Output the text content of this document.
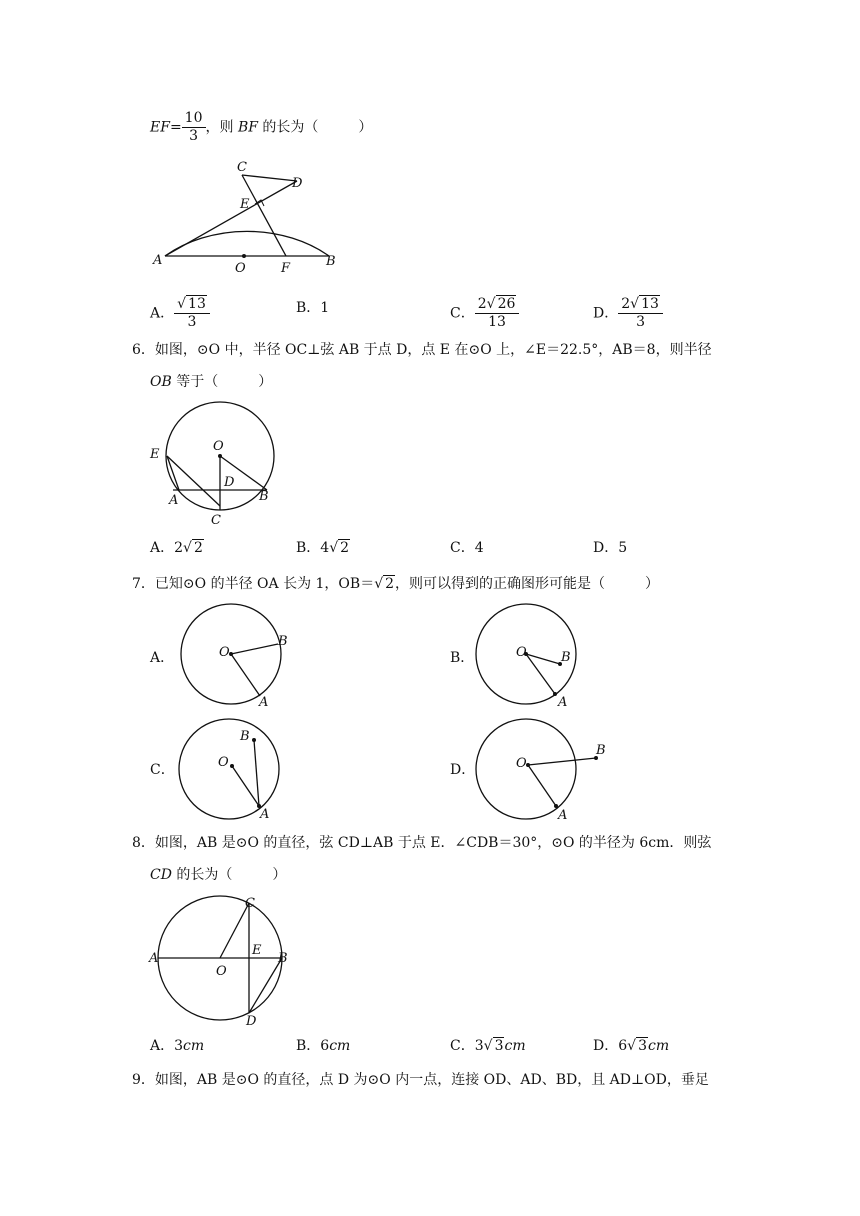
$EF= \frac{10}{3}$ ，则 BF 的长为（	）
A
C
D
E
O	F	B
A． $\frac{√ 13}{3}$	B．1	C． $\frac{2√ 26}{13}$	D． $\frac{2√ 13}{3}$
6．如图，⊙O 中，半径 OC⊥弦 AB 于点 D，点 E 在⊙O 上，∠E＝22.5°，AB＝8，则半径
OB 等于（	）
O
E
D
A	B
C
A．2√ 2	B．4√ 2	C．4	D．5
7．已知⊙O 的半径 OA 长为 1，OB＝√ 2，则可以得到的正确图形可能是（	）
A．	O
B
A
B．	O	B
A
C．	O
B
A
D．	O
B
A
8．如图，AB 是⊙O 的直径，弦 CD⊥AB 于点 E．∠CDB＝30°，⊙O 的半径为 6cm．则弦
CD 的长为（	）
A
C
E
B
O
D
A．3cm	B．6cm	C．3√ 3cm	D．6√ 3cm
9．如图，AB 是⊙O 的直径，点 D 为⊙O 内一点，连接 OD、AD、BD，且 AD⊥OD，垂足
